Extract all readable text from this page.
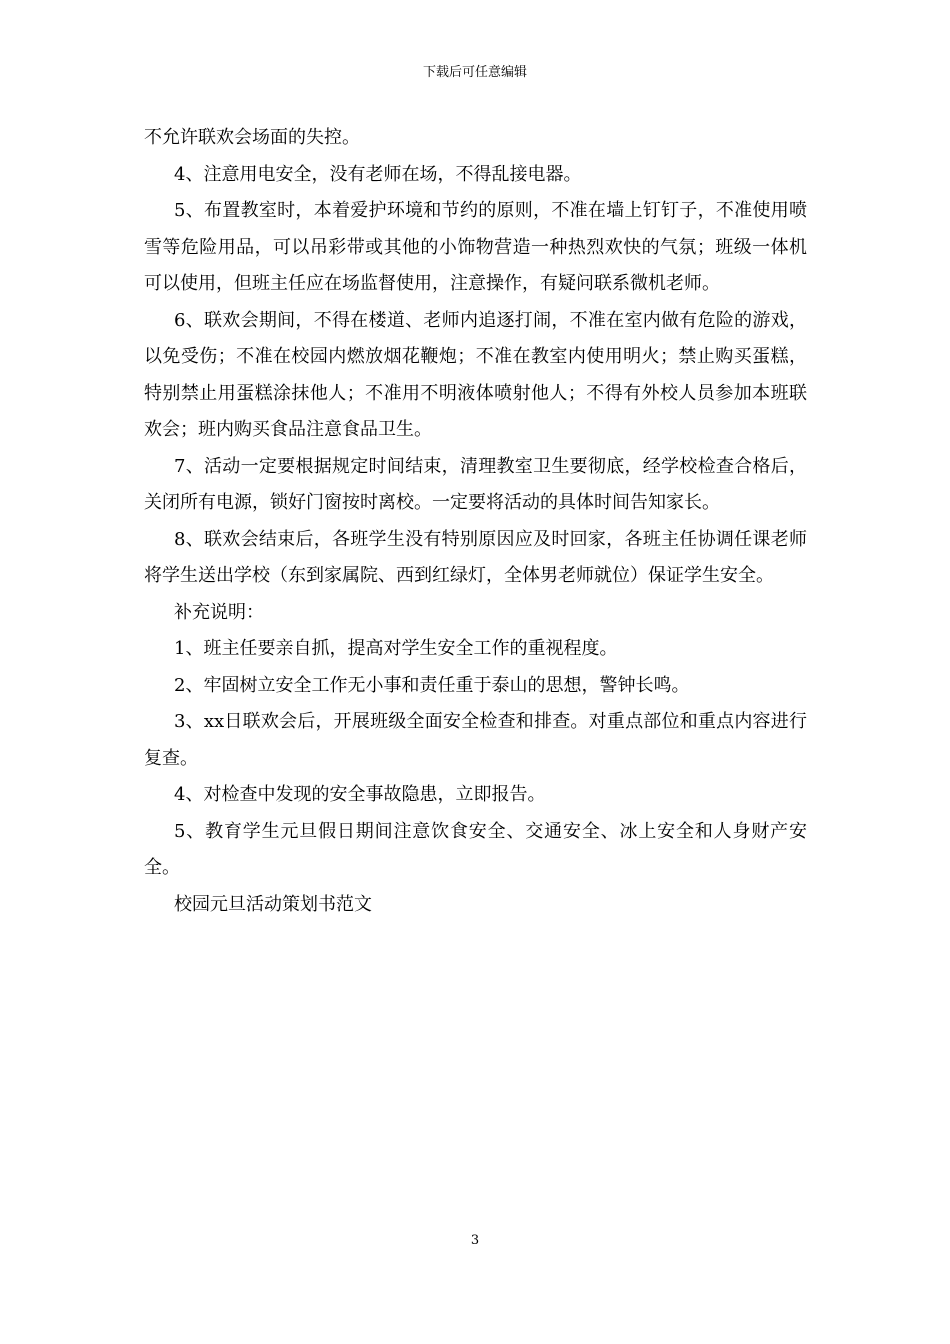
下载后可任意编辑

不允许联欢会场面的失控。

4、注意用电安全，没有老师在场，不得乱接电器。

5、布置教室时，本着爱护环境和节约的原则，不准在墙上钉钉子，不准使用喷雪等危险用品，可以吊彩带或其他的小饰物营造一种热烈欢快的气氛；班级一体机可以使用，但班主任应在场监督使用，注意操作，有疑问联系微机老师。

6、联欢会期间，不得在楼道、老师内追逐打闹，不准在室内做有危险的游戏，以免受伤；不准在校园内燃放烟花鞭炮；不准在教室内使用明火；禁止购买蛋糕，特别禁止用蛋糕涂抹他人；不准用不明液体喷射他人；不得有外校人员参加本班联欢会；班内购买食品注意食品卫生。

7、活动一定要根据规定时间结束，清理教室卫生要彻底，经学校检查合格后，关闭所有电源，锁好门窗按时离校。一定要将活动的具体时间告知家长。

8、联欢会结束后，各班学生没有特别原因应及时回家，各班主任协调任课老师将学生送出学校（东到家属院、西到红绿灯，全体男老师就位）保证学生安全。

补充说明：

1、班主任要亲自抓，提高对学生安全工作的重视程度。

2、牢固树立安全工作无小事和责任重于泰山的思想，警钟长鸣。

3、xx日联欢会后，开展班级全面安全检查和排查。对重点部位和重点内容进行复查。

4、对检查中发现的安全事故隐患，立即报告。

5、教育学生元旦假日期间注意饮食安全、交通安全、冰上安全和人身财产安全。

校园元旦活动策划书范文

3
